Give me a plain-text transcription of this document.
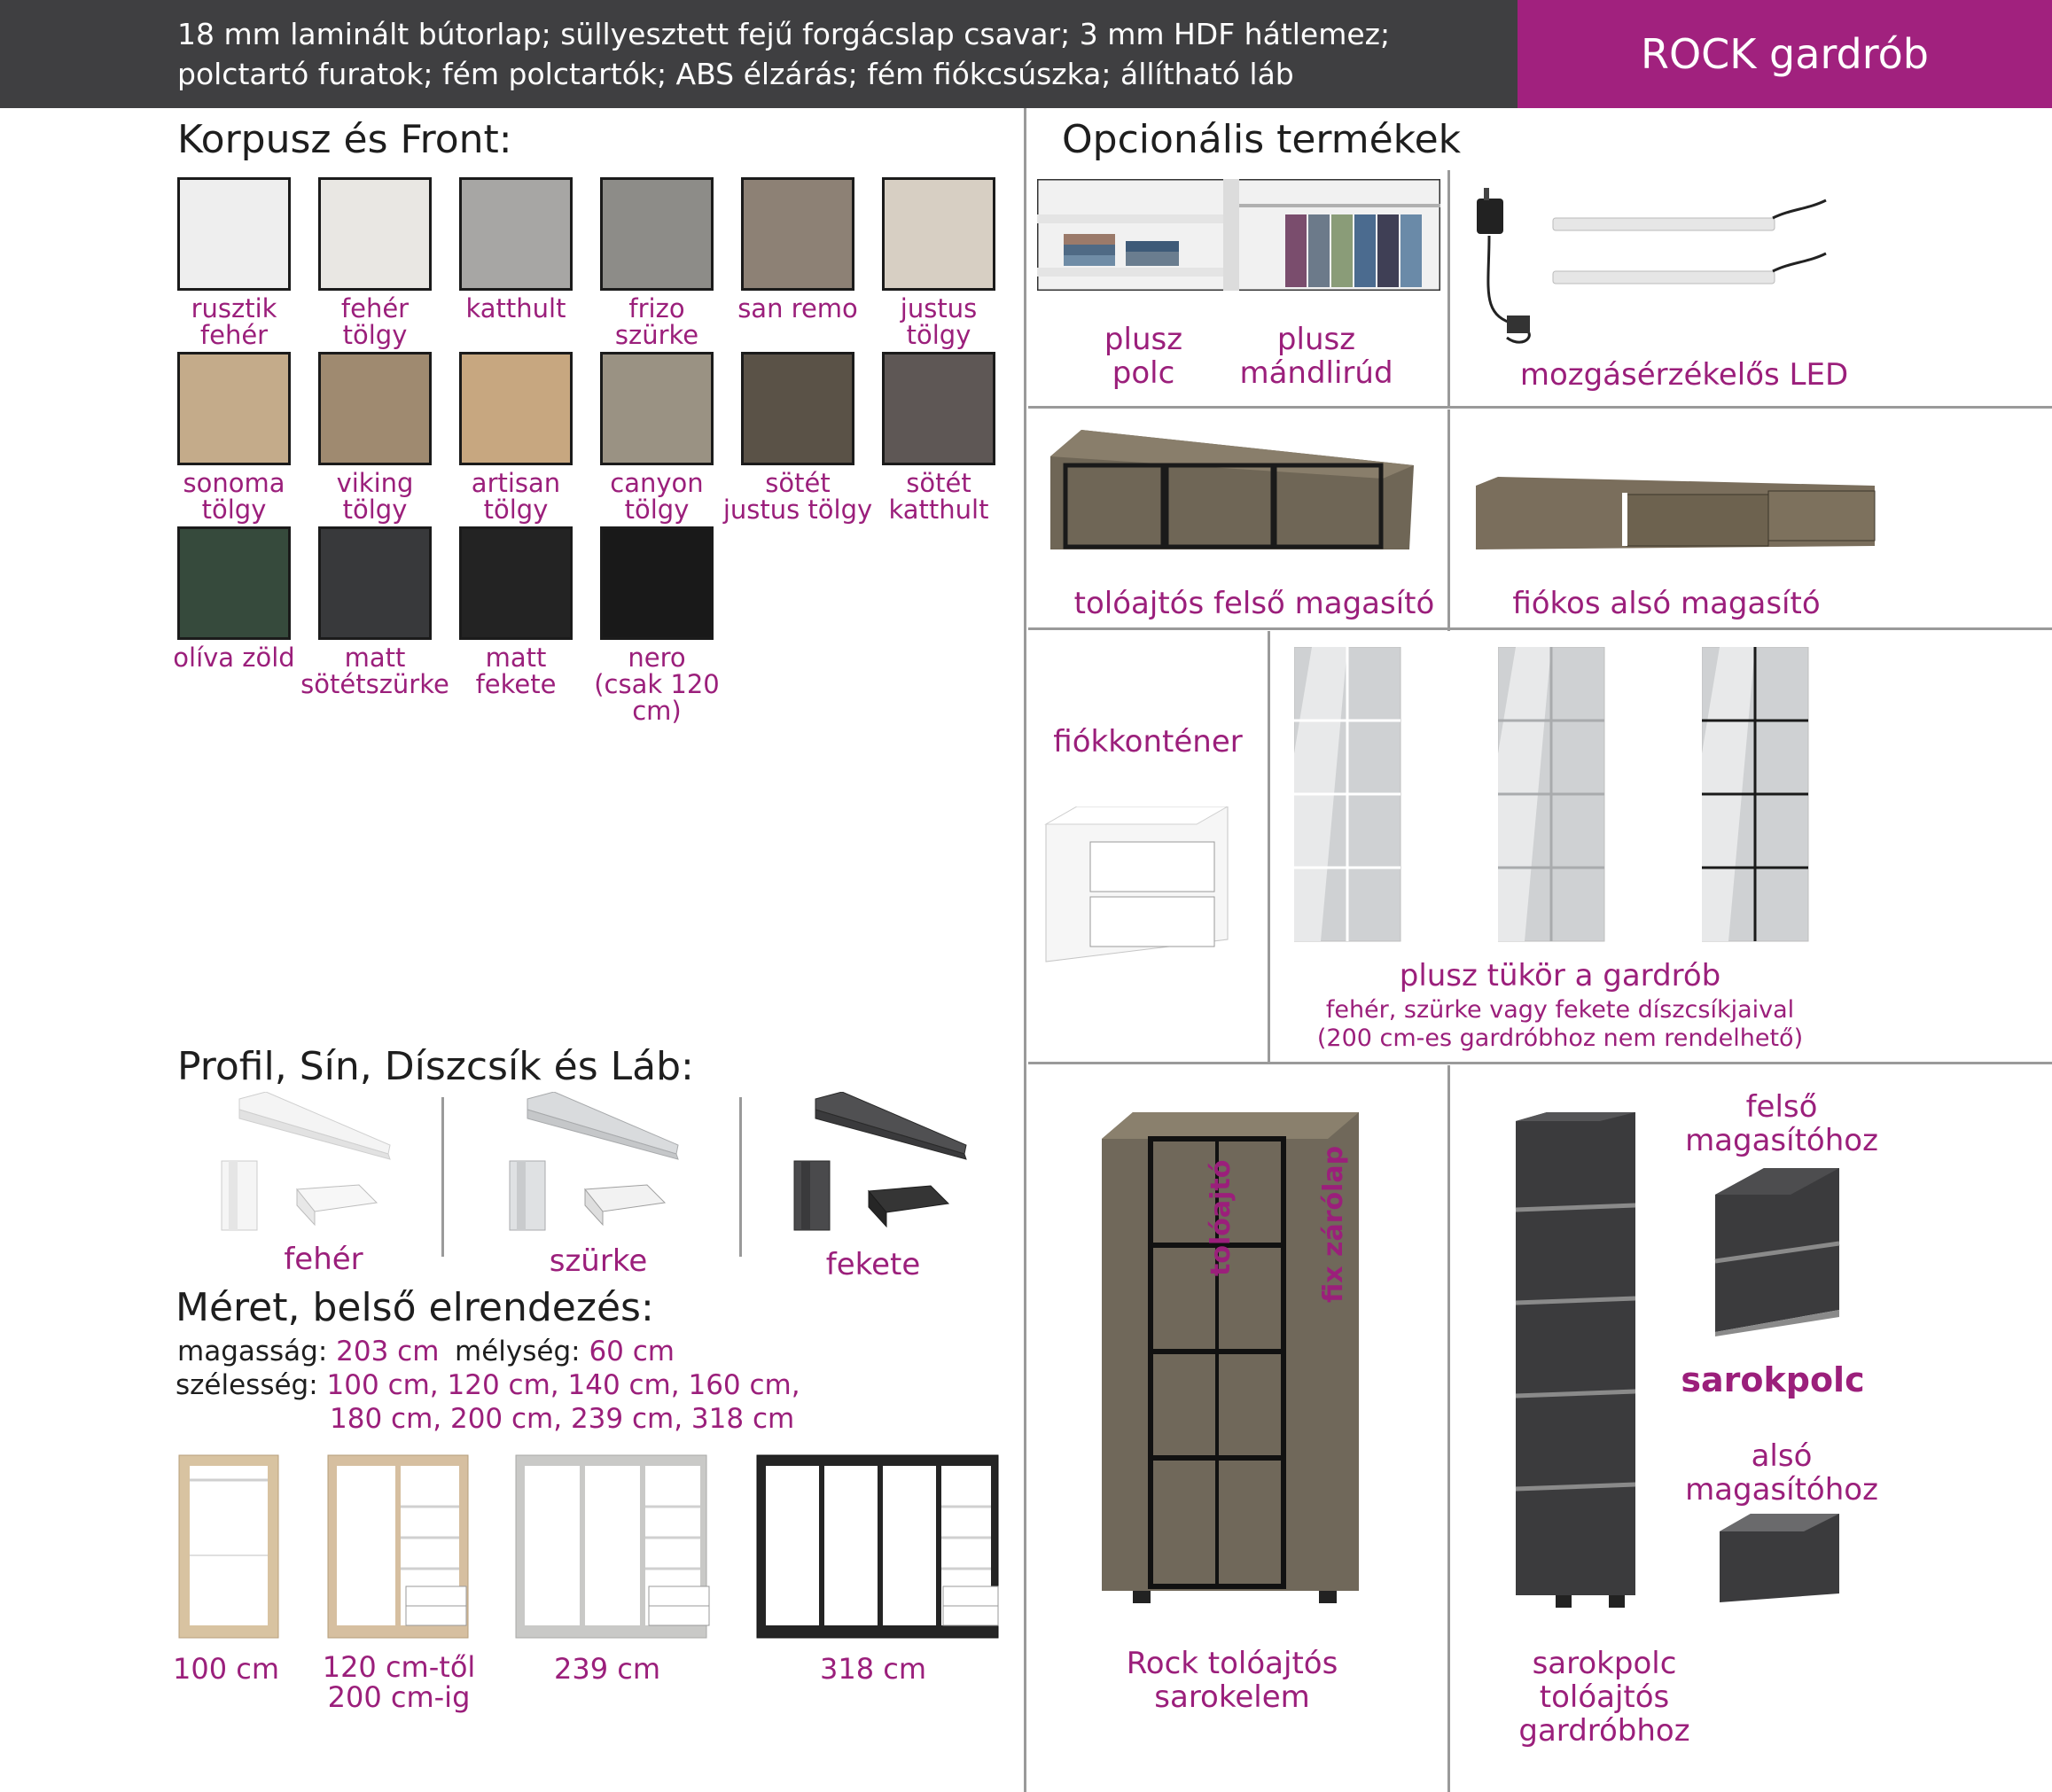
18 mm laminált bútorlap; süllyesztett fejű forgácslap csavar; 3 mm HDF hátlemez;
polctartó furatok; fém polctartók; ABS élzárás; fém fiókcsúszka; állítható láb	ROCK gardrób
Korpusz és Front:
rusztik
fehér
fehér
tölgy
katthult	frizo
szürke
san remo	justus
tölgy
sonoma
tölgy
viking
tölgy
artisan
tölgy
canyon
tölgy
sötét
justus tölgy
sötét
katthult
olíva zöld	matt
sötétszürke
matt
fekete
nero
(csak 120 cm)
Profil, Sín, Díszcsík és Láb:
fehér	szürke	fekete
Méret, belső elrendezés:
magasság: 203 cm mélység: 60 cm
szélesség: 100 cm, 120 cm, 140 cm, 160 cm,
180 cm, 200 cm, 239 cm, 318 cm
100 cm	120 cm-től
200 cm-ig
239 cm	318 cm
Opcionális termékek
plusz
polc
plusz
mándlirúd	mozgásérzékelős LED
tolóajtós felső magasító	fiókos alsó magasító
fiókkonténer
plusz tükör a gardrób
fehér, szürke vagy fekete díszcsíkjaival
(200 cm-es gardróbhoz nem rendelhető)
tolóajtó	fix zárólap
Rock tolóajtós
sarokelem
felső
magasítóhoz
sarokpolc
alsó
magasítóhoz
sarokpolc
tolóajtós gardróbhoz
